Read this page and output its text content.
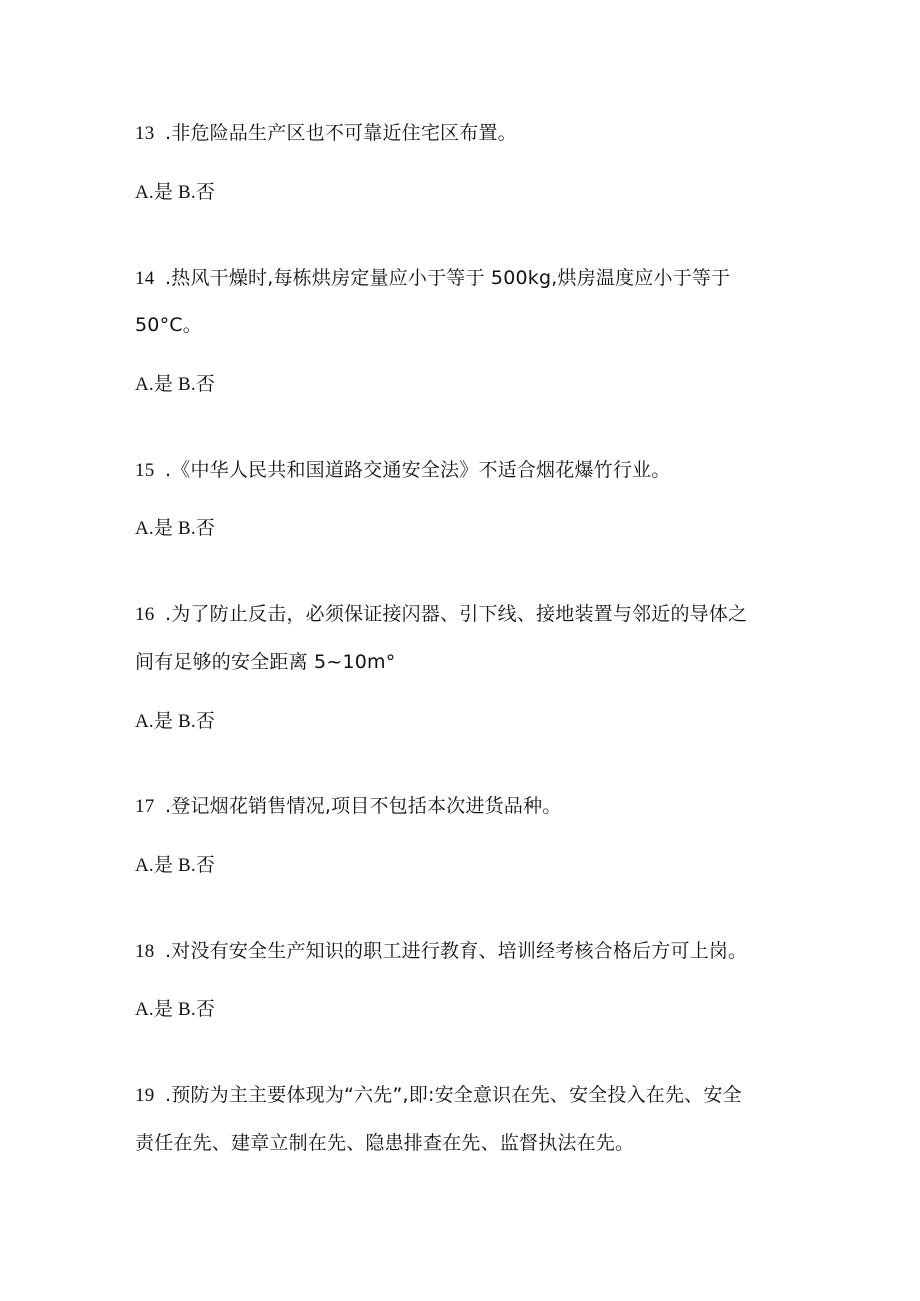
13 .非危险品生产区也不可靠近住宅区布置。
A.是 B.否
14 .热风干燥时,每栋烘房定量应小于等于 500kg,烘房温度应小于等于
50°C。
A.是 B.否
15 .《中华人民共和国道路交通安全法》不适合烟花爆竹行业。
A.是 B.否
16 .为了防止反击，必须保证接闪器、引下线、接地装置与邻近的导体之
间有足够的安全距离 5~10m°
A.是 B.否
17 .登记烟花销售情况,项目不包括本次进货品种。
A.是 B.否
18 .对没有安全生产知识的职工进行教育、培训经考核合格后方可上岗。
A.是 B.否
19 .预防为主主要体现为“六先”,即:安全意识在先、安全投入在先、安全
责任在先、建章立制在先、隐患排查在先、监督执法在先。
